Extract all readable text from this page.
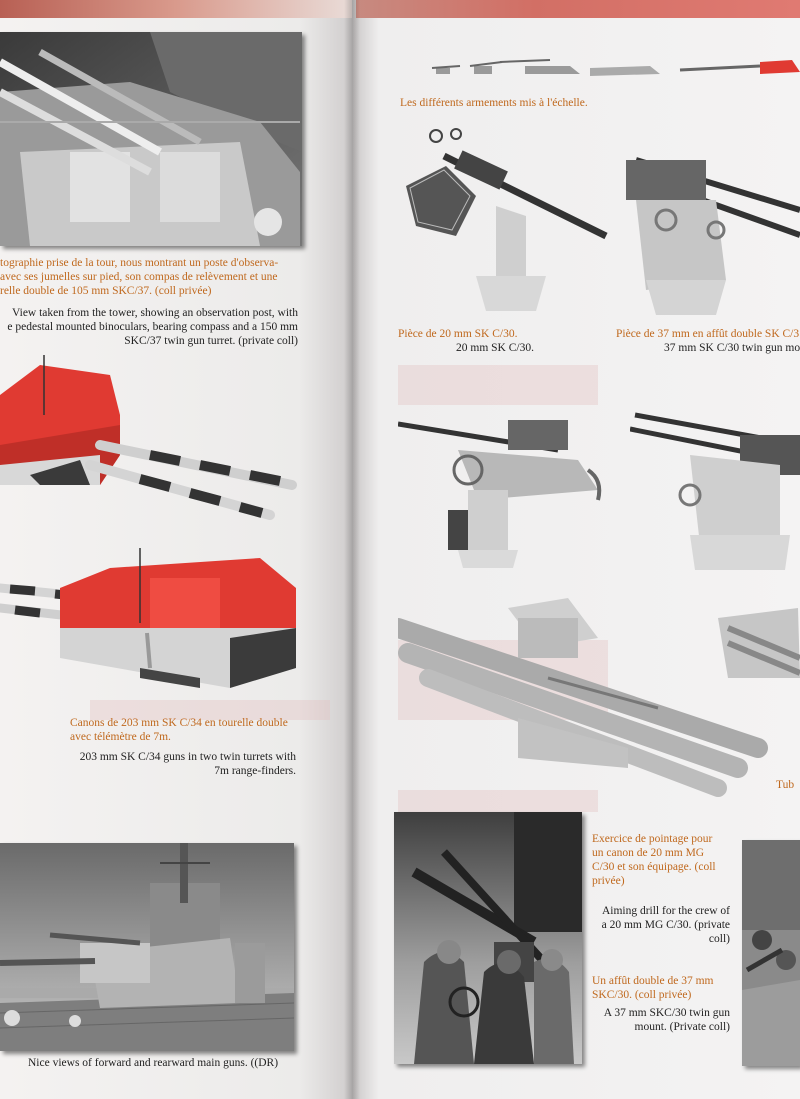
tographie prise de la tour, nous montrant un poste d'observa-
avec ses jumelles sur pied, son compas de relèvement et une
relle double de 105 mm SKC/37. (coll privée)
View taken from the tower, showing an observation post, with
e pedestal mounted binoculars, bearing compass and a 150 mm
SKC/37 twin gun turret. (private coll)

Canons de 203 mm SK C/34 en tourelle double
avec télémètre de 7m.
203 mm SK C/34 guns in two twin turrets with
7m range-finders.
Nice views of forward and rearward main guns. ((DR)
Les différents armements mis à l'échelle.
Pièce de 20 mm SK C/30.
20 mm SK C/30.
Pièce de 37 mm en affût double SK C/3
37 mm SK C/30 twin gun mo
Tub
Exercice de pointage pour
un canon de 20 mm MG
C/30 et son équipage. (coll
privée)
Aiming drill for the crew of
a 20 mm MG C/30. (private
coll)
Un affût double de 37 mm
SKC/30. (coll privée)
A 37 mm SKC/30 twin gun
mount. (Private coll)
